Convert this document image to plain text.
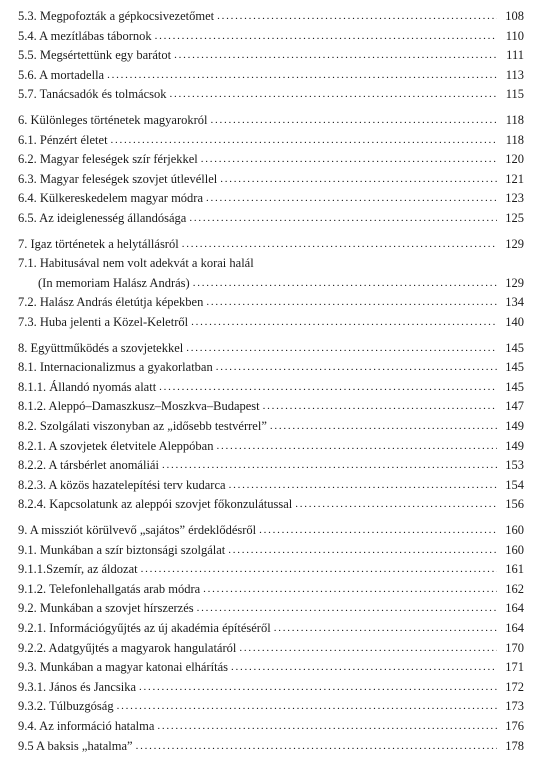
5.3. Megpofozták a gépkocsivezetőmet . . .	108
5.4. A mezítlábas tábornok . . .	110
5.5. Megsértettünk egy barátot . . .	111
5.6. A mortadella . . .	113
5.7. Tanácsadók és tolmácsok . . .	115
6. Különleges történetek magyarokról . . .	118
6.1. Pénzért életet . . .	118
6.2. Magyar feleségek szír férjekkel . . .	120
6.3. Magyar feleségek szovjet útlevéllel . . .	121
6.4. Külkereskedelem magyar módra . . .	123
6.5. Az ideiglenesség állandósága . . .	125
7. Igaz történetek a helytállásról . . .	129
7.1. Habitusával nem volt adekvát a korai halál
(In memoriam Halász András) . . .	129
7.2. Halász András életútja képekben . . .	134
7.3. Huba jelenti a Közel-Keletről . . .	140
8. Együttműködés a szovjetekkel . . .	145
8.1. Internacionalizmus a gyakorlatban . . .	145
8.1.1. Állandó nyomás alatt . . .	145
8.1.2. Aleppó–Damaszkusz–Moszkva–Budapest . . .	147
8.2. Szolgálati viszonyban az „idősebb testvérrel” . . .	149
8.2.1. A szovjetek életvitele Aleppóban . . .	149
8.2.2. A társbérlet anomáliái . . .	153
8.2.3. A közös hazatelepítési terv kudarca . . .	154
8.2.4. Kapcsolatunk az aleppói szovjet főkonzulátussal . . .	156
9. A missziót körülvevő „sajátos” érdeklődésről . . .	160
9.1. Munkában a szír biztonsági szolgálat . . .	160
9.1.1.Szemír, az áldozat . . .	161
9.1.2. Telefonlehallgatás arab módra . . .	162
9.2. Munkában a szovjet hírszerzés . . .	164
9.2.1. Információgyűjtés az új akadémia építéséről . . .	164
9.2.2. Adatgyűjtés a magyarok hangulatáról . . .	170
9.3. Munkában a magyar katonai elhárítás . . .	171
9.3.1. János és Jancsika . . .	172
9.3.2. Túlbuzgóság . . .	173
9.4. Az információ hatalma . . .	176
9.5 A baksis „hatalma” . . .	178
